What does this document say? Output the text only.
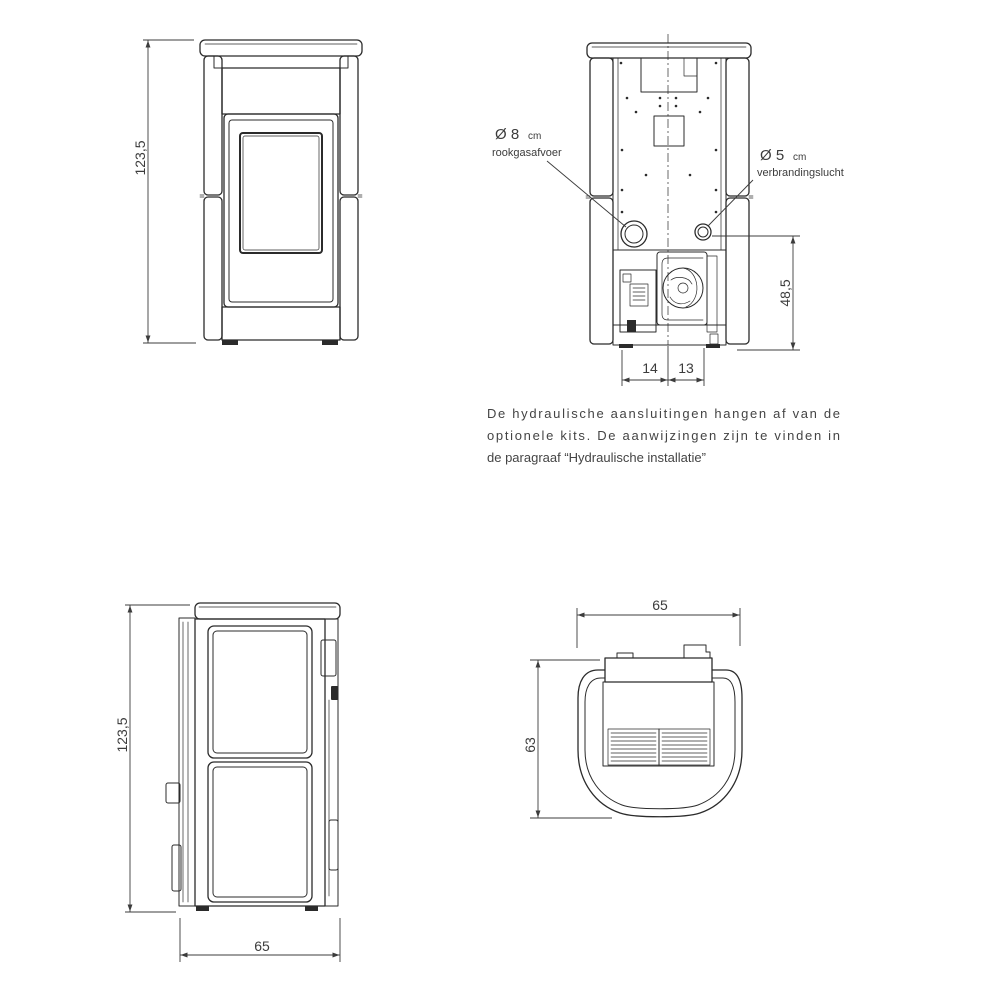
123,5
Ø 8 cm
rookgasafvoer	Ø 5 cm
verbrandingslucht
48,5
14 13
De hydraulische aansluitingen hangen af van de
optionele kits. De aanwijzingen zijn te vinden in
de paragraaf “Hydraulische installatie”
123,5
65
65
63
